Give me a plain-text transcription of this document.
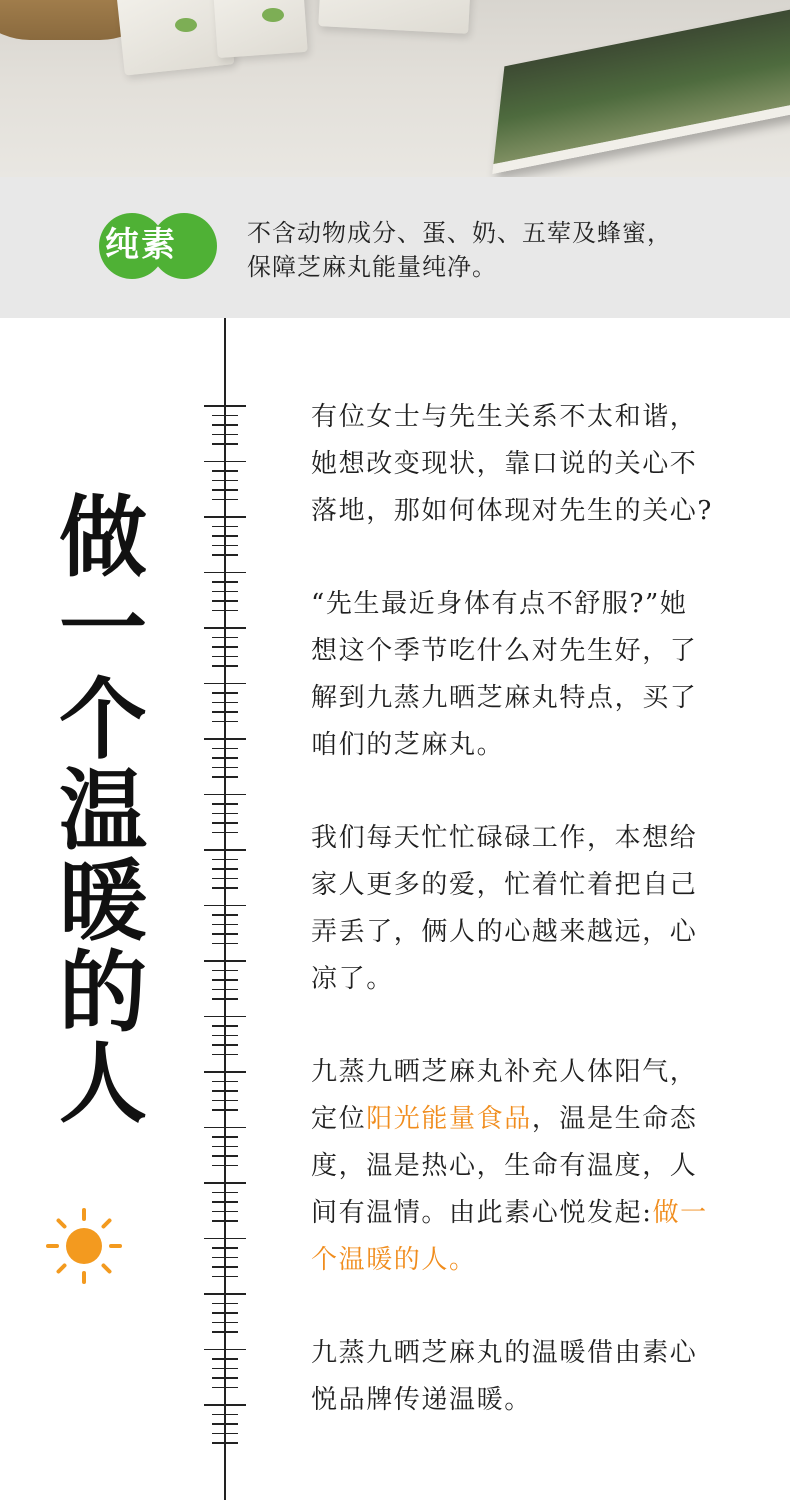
纯素	不含动物成分、蛋、奶、五荤及蜂蜜，
保障芝麻丸能量纯净。
做
一
个
温
暖
的
人

有位女士与先生关系不太和谐，

她想改变现状，靠口说的关心不

落地，那如何体现对先生的关心?

“先生最近身体有点不舒服?”她

想这个季节吃什么对先生好，了

解到九蒸九晒芝麻丸特点，买了

咱们的芝麻丸。

我们每天忙忙碌碌工作，本想给

家人更多的爱，忙着忙着把自己

弄丢了，俩人的心越来越远，心

凉了。

九蒸九晒芝麻丸补充人体阳气，

定位阳光能量食品，温是生命态

度，温是热心，生命有温度，人

间有温情。由此素心悦发起:做一

个温暖的人。

九蒸九晒芝麻丸的温暖借由素心

悦品牌传递温暖。
